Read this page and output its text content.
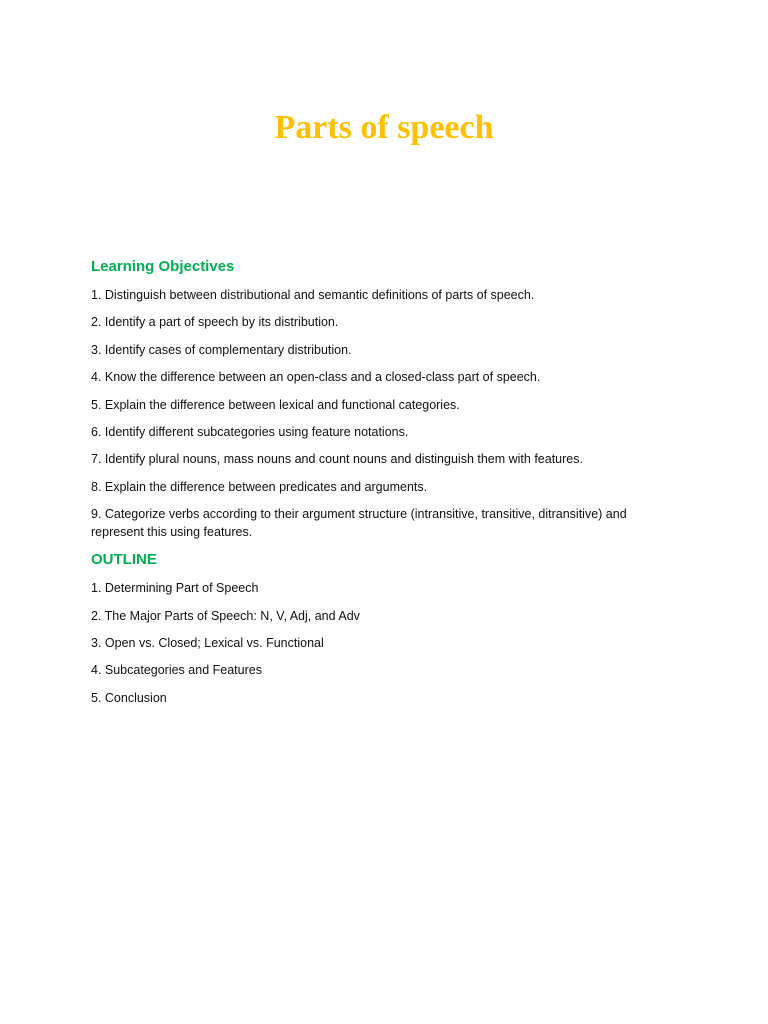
Parts of speech
Learning Objectives
1. Distinguish between distributional and semantic definitions of parts of speech.
2. Identify a part of speech by its distribution.
3. Identify cases of complementary distribution.
4. Know the difference between an open-class and a closed-class part of speech.
5. Explain the difference between lexical and functional categories.
6. Identify different subcategories using feature notations.
7. Identify plural nouns, mass nouns and count nouns and distinguish them with features.
8. Explain the difference between predicates and arguments.
9. Categorize verbs according to their argument structure (intransitive, transitive, ditransitive) and represent this using features.
OUTLINE
1. Determining Part of Speech
2. The Major Parts of Speech: N, V, Adj, and Adv
3. Open vs. Closed; Lexical vs. Functional
4. Subcategories and Features
5. Conclusion
